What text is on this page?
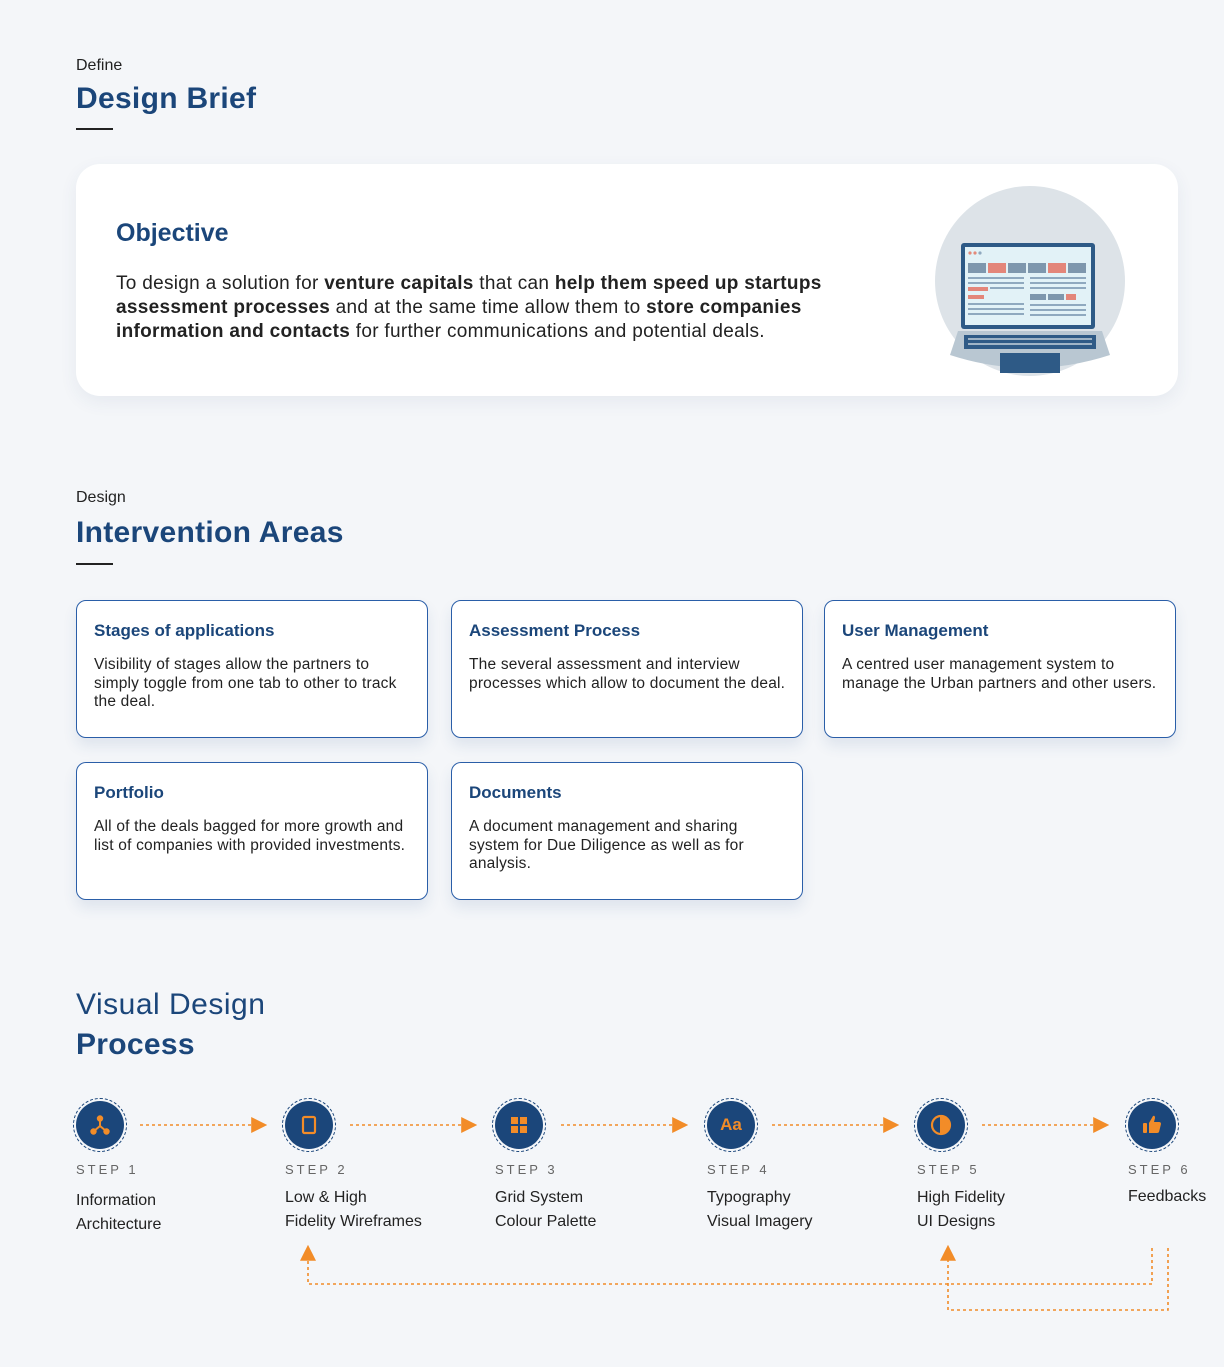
Define
Design Brief
Objective
To design a solution for venture capitals that can help them speed up startups assessment processes and at the same time allow them to store companies information and contacts for further communications and potential deals.
Design
Intervention Areas
Stages of applications
Visibility of stages allow the partners to simply toggle from one tab to other to track the deal.
Assessment Process
The several assessment and interview processes which allow to document the deal.
User Management
A centred user management system to manage the Urban partners and other users.
Portfolio
All of the deals bagged for more growth and list of companies with provided investments.
Documents
A document management and sharing system for Due Diligence as well as for analysis.
Visual Design
Process
STEP 1
Information
Architecture
STEP 2
Low & High
Fidelity Wireframes
STEP 3
Grid System
Colour Palette
Aa
STEP 4
Typography
Visual Imagery
STEP 5
High Fidelity
UI Designs
STEP 6
Feedbacks
